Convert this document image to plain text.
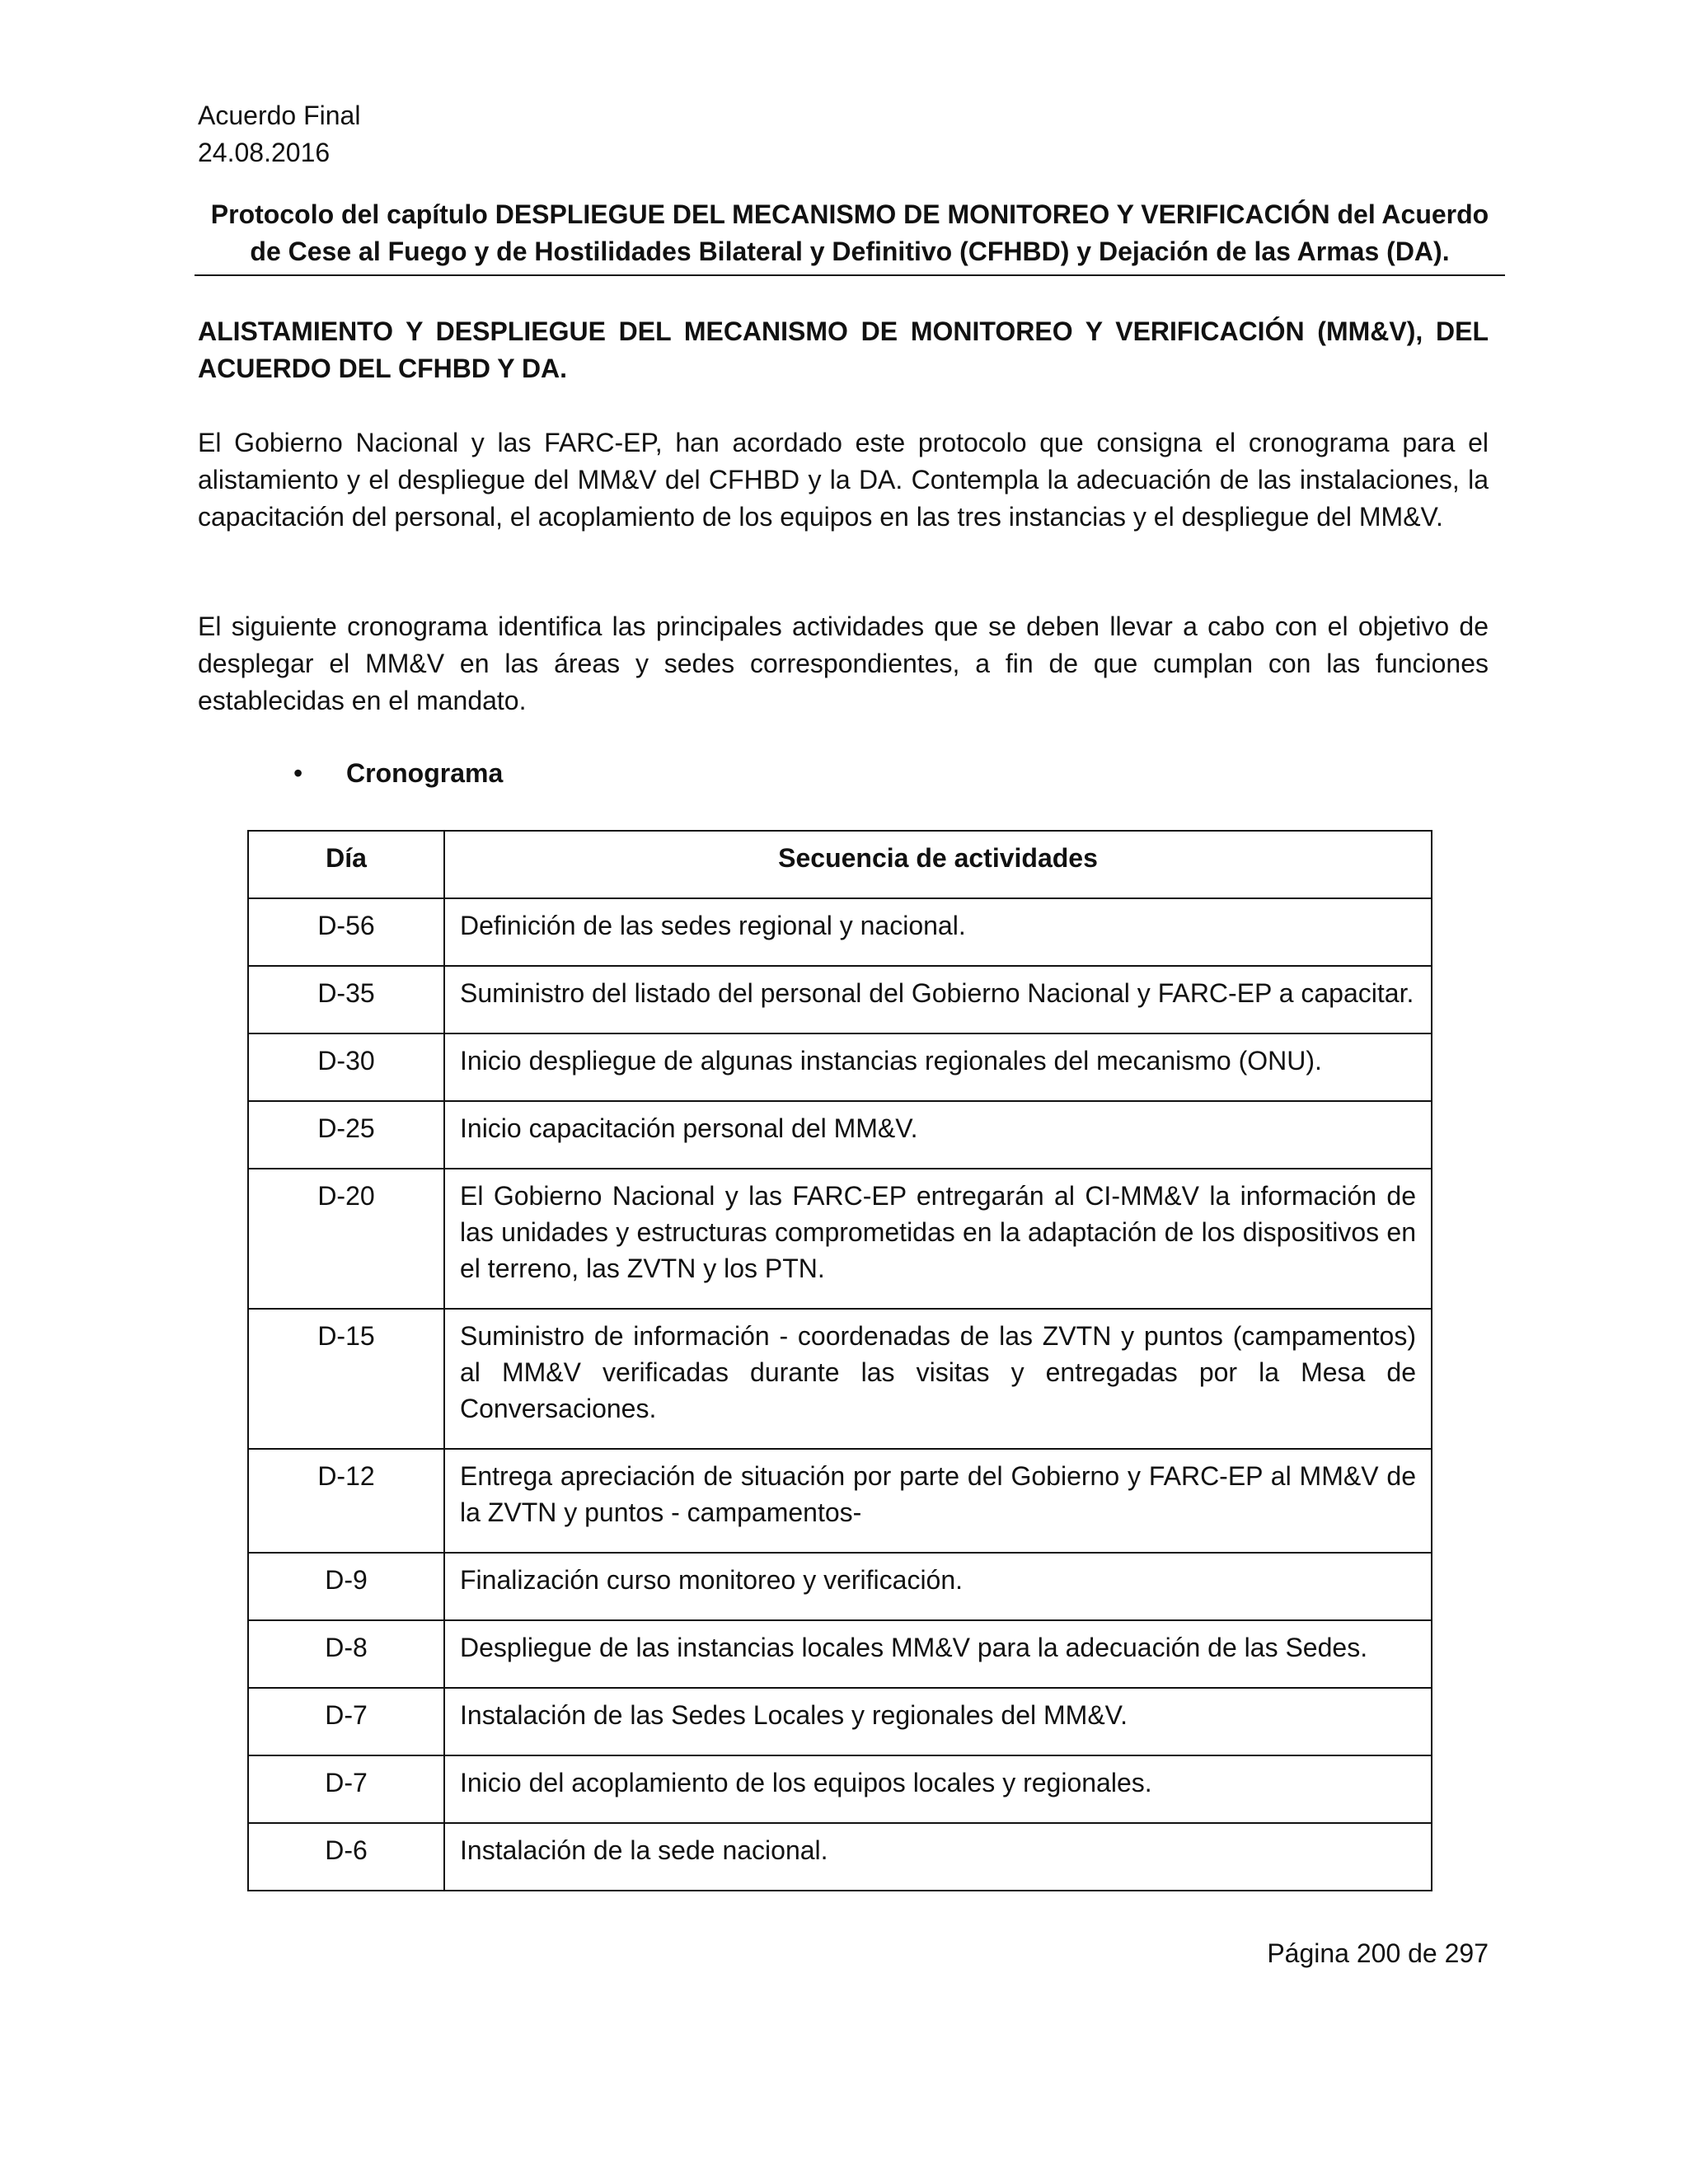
Acuerdo Final
24.08.2016
Protocolo del capítulo DESPLIEGUE DEL MECANISMO DE MONITOREO Y VERIFICACIÓN del Acuerdo de Cese al Fuego y de Hostilidades Bilateral y Definitivo (CFHBD) y Dejación de las Armas (DA).
ALISTAMIENTO Y DESPLIEGUE DEL MECANISMO DE MONITOREO Y VERIFICACIÓN (MM&V), DEL ACUERDO DEL CFHBD Y DA.
El Gobierno Nacional y las FARC-EP, han acordado este protocolo que consigna el cronograma para el alistamiento y el despliegue del MM&V del CFHBD y la DA. Contempla la adecuación de las instalaciones, la capacitación del personal, el acoplamiento de los equipos en las tres instancias y el despliegue del MM&V.
El siguiente cronograma identifica las principales actividades que se deben llevar a cabo con el objetivo de desplegar el MM&V en las áreas y sedes correspondientes, a fin de que cumplan con las funciones establecidas en el mandato.
• Cronograma
Día	Secuencia de actividades
D-56	Definición de las sedes regional y nacional.
D-35	Suministro del listado del personal del Gobierno Nacional y FARC-EP a capacitar.
D-30	Inicio despliegue de algunas instancias regionales del mecanismo (ONU).
D-25	Inicio capacitación personal del MM&V.
D-20	El Gobierno Nacional y las FARC-EP entregarán al CI-MM&V la información de las unidades y estructuras comprometidas en la adaptación de los dispositivos en el terreno, las ZVTN y los PTN.
D-15	Suministro de información - coordenadas de las ZVTN y puntos (campamentos) al MM&V verificadas durante las visitas y entregadas por la Mesa de Conversaciones.
D-12	Entrega apreciación de situación por parte del Gobierno y FARC-EP al MM&V de la ZVTN y puntos - campamentos-
D-9	Finalización curso monitoreo y verificación.
D-8	Despliegue de las instancias locales MM&V para la adecuación de las Sedes.
D-7	Instalación de las Sedes Locales y regionales del MM&V.
D-7	Inicio del acoplamiento de los equipos locales y regionales.
D-6	Instalación de la sede nacional.
Página 200 de 297
